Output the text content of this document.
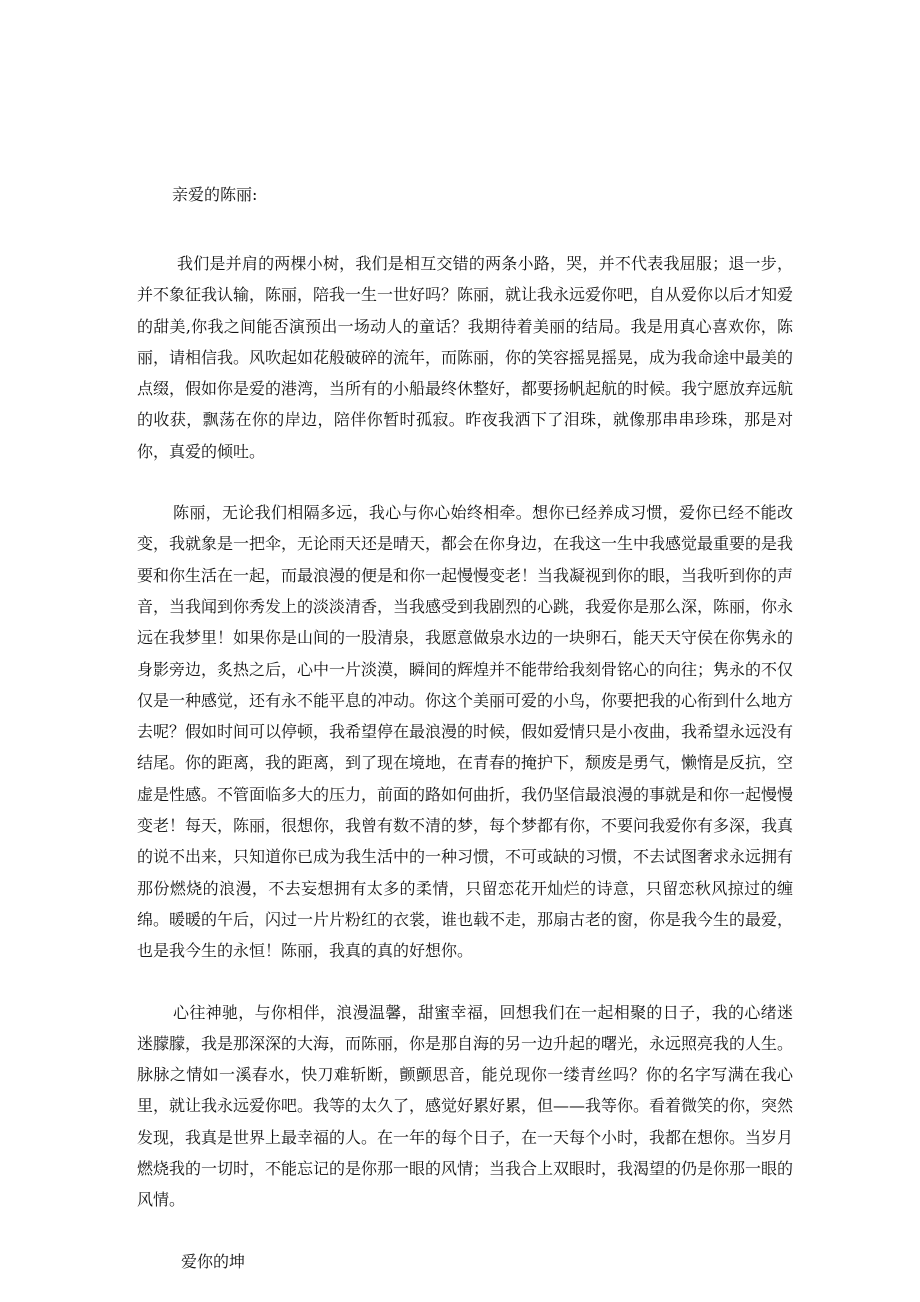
亲爱的陈丽:

我们是并肩的两棵小树，我们是相互交错的两条小路，哭，并不代表我屈服；退一步，并不象征我认输，陈丽，陪我一生一世好吗？陈丽，就让我永远爱你吧，自从爱你以后才知爱的甜美,你我之间能否演预出一场动人的童话？我期待着美丽的结局。我是用真心喜欢你，陈丽，请相信我。风吹起如花般破碎的流年，而陈丽，你的笑容摇晃摇晃，成为我命途中最美的点缀，假如你是爱的港湾，当所有的小船最终休整好，都要扬帆起航的时候。我宁愿放弃远航的收获，飘荡在你的岸边，陪伴你暂时孤寂。昨夜我洒下了泪珠，就像那串串珍珠，那是对你，真爱的倾吐。

陈丽，无论我们相隔多远，我心与你心始终相牵。想你已经养成习惯，爱你已经不能改变，我就象是一把伞，无论雨天还是晴天，都会在你身边，在我这一生中我感觉最重要的是我要和你生活在一起，而最浪漫的便是和你一起慢慢变老！当我凝视到你的眼，当我听到你的声音，当我闻到你秀发上的淡淡清香，当我感受到我剧烈的心跳，我爱你是那么深，陈丽，你永远在我梦里！如果你是山间的一股清泉，我愿意做泉水边的一块卵石，能天天守侯在你隽永的身影旁边，炙热之后，心中一片淡漠，瞬间的辉煌并不能带给我刻骨铭心的向往；隽永的不仅仅是一种感觉，还有永不能平息的冲动。你这个美丽可爱的小鸟，你要把我的心衔到什么地方去呢？假如时间可以停顿，我希望停在最浪漫的时候，假如爱情只是小夜曲，我希望永远没有结尾。你的距离，我的距离，到了现在境地，在青春的掩护下，颓废是勇气，懒惰是反抗，空虚是性感。不管面临多大的压力，前面的路如何曲折，我仍坚信最浪漫的事就是和你一起慢慢变老！每天，陈丽，很想你，我曾有数不清的梦，每个梦都有你，不要问我爱你有多深，我真的说不出来，只知道你已成为我生活中的一种习惯，不可或缺的习惯，不去试图奢求永远拥有那份燃烧的浪漫，不去妄想拥有太多的柔情，只留恋花开灿烂的诗意，只留恋秋风掠过的缠绵。暖暖的午后，闪过一片片粉红的衣裳，谁也载不走，那扇古老的窗，你是我今生的最爱，也是我今生的永恒！陈丽，我真的真的好想你。

心往神驰，与你相伴，浪漫温馨，甜蜜幸福，回想我们在一起相聚的日子，我的心绪迷迷朦朦，我是那深深的大海，而陈丽，你是那自海的另一边升起的曙光，永远照亮我的人生。脉脉之情如一溪春水，快刀难斩断，颤颤思音，能兑现你一缕青丝吗？你的名字写满在我心里，就让我永远爱你吧。我等的太久了，感觉好累好累，但——我等你。看着微笑的你，突然发现，我真是世界上最幸福的人。在一年的每个日子，在一天每个小时，我都在想你。当岁月燃烧我的一切时，不能忘记的是你那一眼的风情；当我合上双眼时，我渴望的仍是你那一眼的风情。

爱你的坤
